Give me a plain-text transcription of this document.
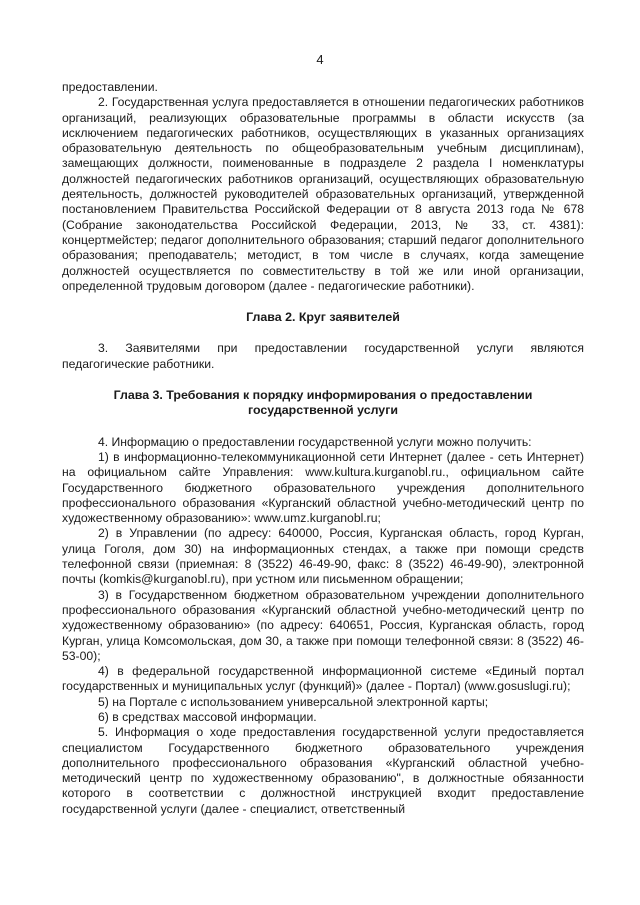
4

предоставлении.

2. Государственная услуга предоставляется в отношении педагогических работников организаций, реализующих образовательные программы в области искусств (за исключением педагогических работников, осуществляющих в указанных организациях образовательную деятельность по общеобразовательным учебным дисциплинам), замещающих должности, поименованные в подразделе 2 раздела I номенклатуры должностей педагогических работников организаций, осуществляющих образовательную деятельность, должностей руководителей образовательных организаций, утвержденной постановлением Правительства Российской Федерации от 8 августа 2013 года № 678 (Собрание законодательства Российской Федерации, 2013, № 33, ст. 4381): концертмейстер; педагог дополнительного образования; старший педагог дополнительного образования; преподаватель; методист, в том числе в случаях, когда замещение должностей осуществляется по совместительству в той же или иной организации, определенной трудовым договором (далее - педагогические работники).

Глава 2. Круг заявителей

3. Заявителями при предоставлении государственной услуги являются педагогические работники.

Глава 3. Требования к порядку информирования о предоставлении
государственной услуги

4. Информацию о предоставлении государственной услуги можно получить:

1) в информационно-телекоммуникационной сети Интернет (далее - сеть Интернет) на официальном сайте Управления: www.kultura.kurganobl.ru., официальном сайте Государственного бюджетного образовательного учреждения дополнительного профессионального образования «Курганский областной учебно-методический центр по художественному образованию»: www.umz.kurganobl.ru;

2) в Управлении (по адресу: 640000, Россия, Курганская область, город Курган, улица Гоголя, дом 30) на информационных стендах, а также при помощи средств телефонной связи (приемная: 8 (3522) 46-49-90, факс: 8 (3522) 46-49-90), электронной почты (komkis@kurganobl.ru), при устном или письменном обращении;

3) в Государственном бюджетном образовательном учреждении дополнительного профессионального образования «Курганский областной учебно-методический центр по художественному образованию» (по адресу: 640651, Россия, Курганская область, город Курган, улица Комсомольская, дом 30, а также при помощи телефонной связи: 8 (3522) 46-53-00);

4) в федеральной государственной информационной системе «Единый портал государственных и муниципальных услуг (функций)» (далее - Портал) (www.gosuslugi.ru);

5) на Портале с использованием универсальной электронной карты;

6) в средствах массовой информации.

5. Информация о ходе предоставления государственной услуги предоставляется специалистом Государственного бюджетного образовательного учреждения дополнительного профессионального образования «Курганский областной учебно-методический центр по художественному образованию", в должностные обязанности которого в соответствии с должностной инструкцией входит предоставление государственной услуги (далее - специалист, ответственный
